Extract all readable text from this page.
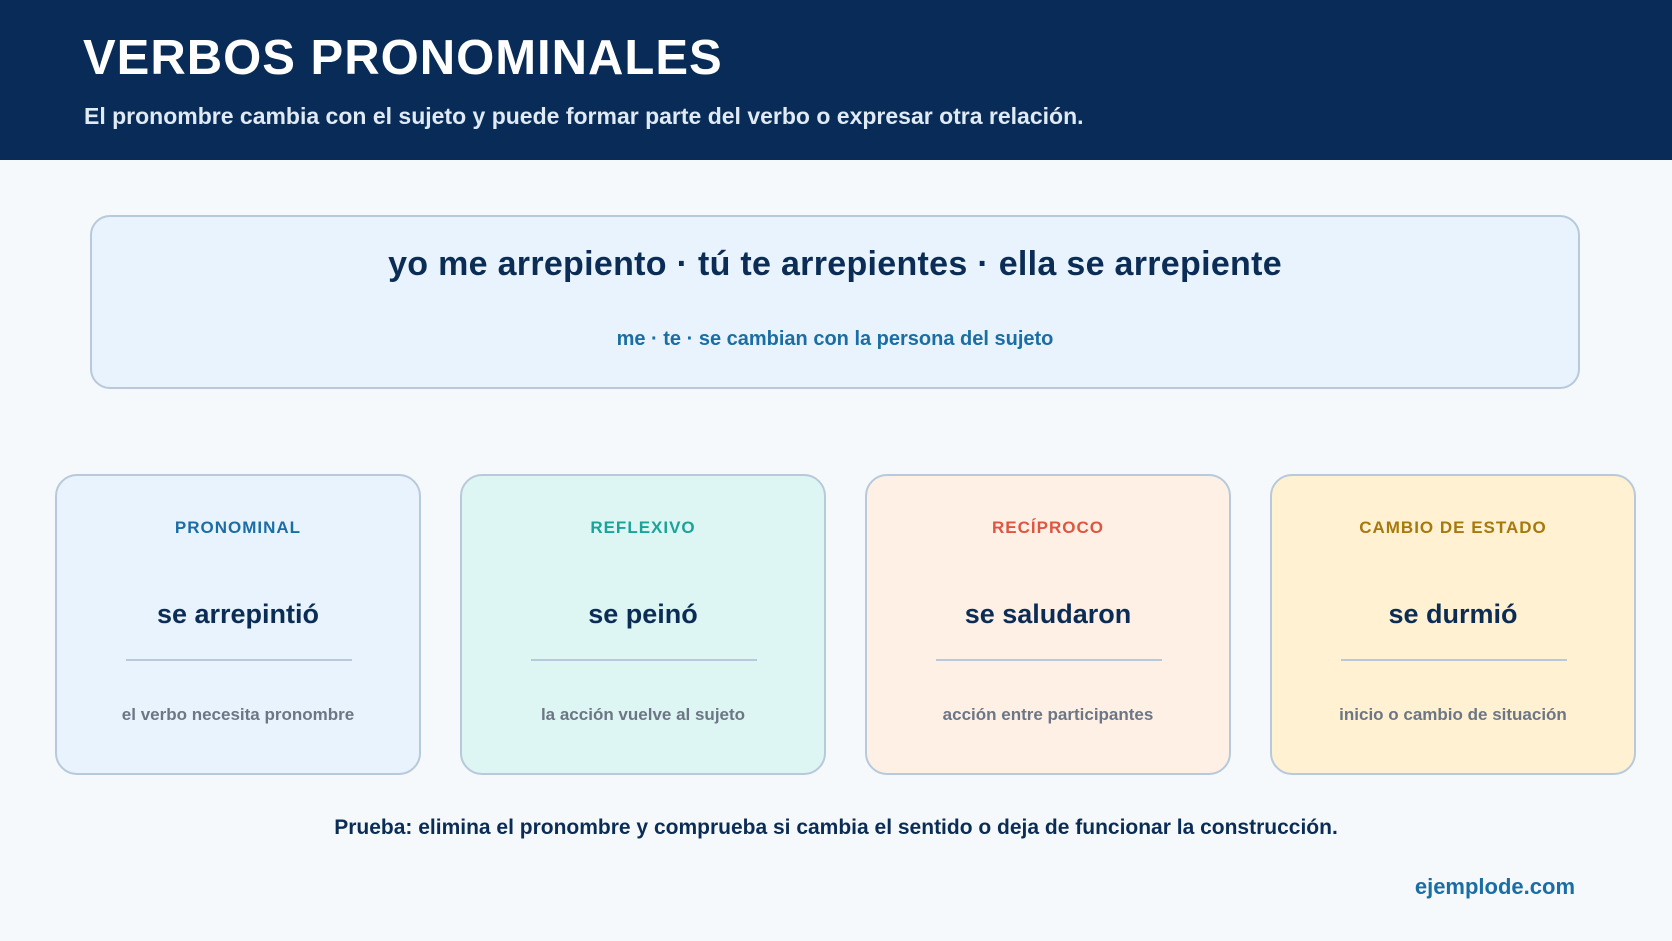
VERBOS PRONOMINALES

El pronombre cambia con el sujeto y puede formar parte del verbo o expresar otra relación.

yo me arrepiento · tú te arrepientes · ella se arrepiente
me · te · se cambian con la persona del sujeto
PRONOMINAL
se arrepintió
el verbo necesita pronombre
REFLEXIVO
se peinó
la acción vuelve al sujeto
RECÍPROCO
se saludaron
acción entre participantes
CAMBIO DE ESTADO
se durmió
inicio o cambio de situación
Prueba: elimina el pronombre y comprueba si cambia el sentido o deja de funcionar la construcción.
ejemplode.com
